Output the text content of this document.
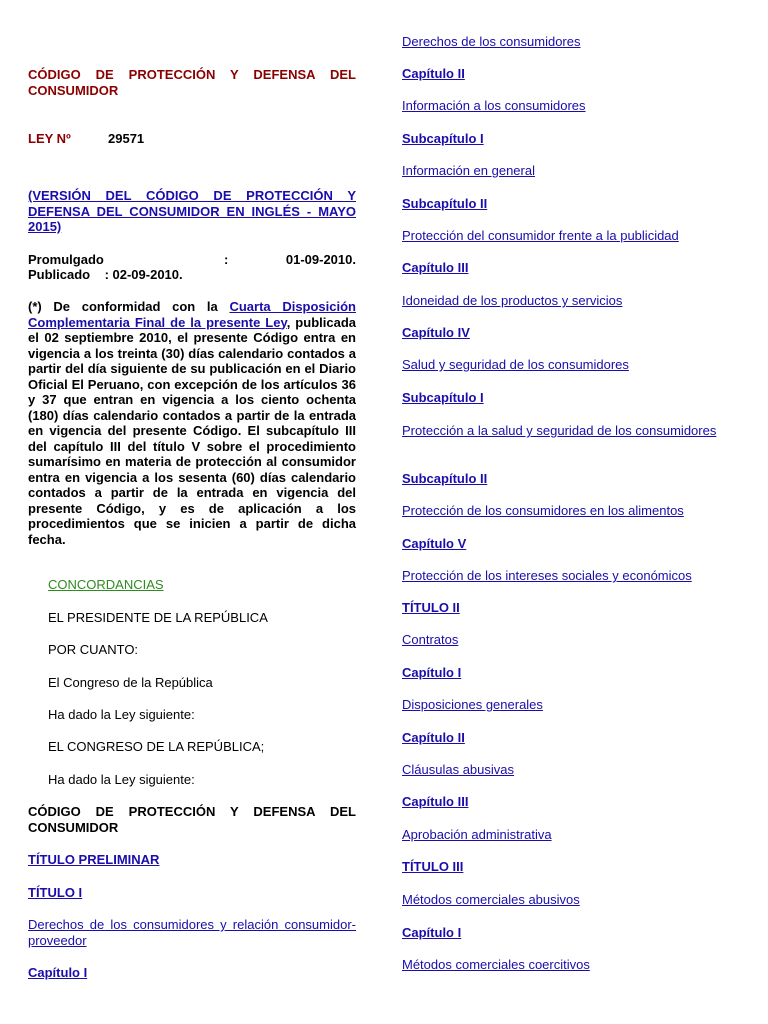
CÓDIGO DE PROTECCIÓN Y DEFENSA DEL CONSUMIDOR
LEY Nº	29571
(VERSIÓN DEL CÓDIGO DE PROTECCIÓN Y DEFENSA DEL CONSUMIDOR EN INGLÉS - MAYO 2015)
Promulgado	:	01-09-2010.
Publicado    : 02-09-2010.
(*) De conformidad con la Cuarta Disposición Complementaria Final de la presente Ley, publicada el 02 septiembre 2010, el presente Código entra en vigencia a los treinta (30) días calendario contados a partir del día siguiente de su publicación en el Diario Oficial El Peruano, con excepción de los artículos 36 y 37 que entran en vigencia a los ciento ochenta (180) días calendario contados a partir de la entrada en vigencia del presente Código. El subcapítulo III del capítulo III del título V sobre el procedimiento sumarísimo en materia de protección al consumidor entra en vigencia a los sesenta (60) días calendario contados a partir de la entrada en vigencia del presente Código, y es de aplicación a los procedimientos que se inicien a partir de dicha fecha.
CONCORDANCIAS
EL PRESIDENTE DE LA REPÚBLICA
POR CUANTO:
El Congreso de la República
Ha dado la Ley siguiente:
EL CONGRESO DE LA REPÚBLICA;
Ha dado la Ley siguiente:
CÓDIGO DE PROTECCIÓN Y DEFENSA DEL CONSUMIDOR
TÍTULO PRELIMINAR
TÍTULO I
Derechos de los consumidores y relación consumidor-proveedor
Capítulo I
Derechos de los consumidores
Capítulo II
Información a los consumidores
Subcapítulo I
Información en general
Subcapítulo II
Protección del consumidor frente a la publicidad
Capítulo III
Idoneidad de los productos y servicios
Capítulo IV
Salud y seguridad de los consumidores
Subcapítulo I
Protección a la salud y seguridad de los consumidores
Subcapítulo II
Protección de los consumidores en los alimentos
Capítulo V
Protección de los intereses sociales y económicos
TÍTULO II
Contratos
Capítulo I
Disposiciones generales
Capítulo II
Cláusulas abusivas
Capítulo III
Aprobación administrativa
TÍTULO III
Métodos comerciales abusivos
Capítulo I
Métodos comerciales coercitivos
